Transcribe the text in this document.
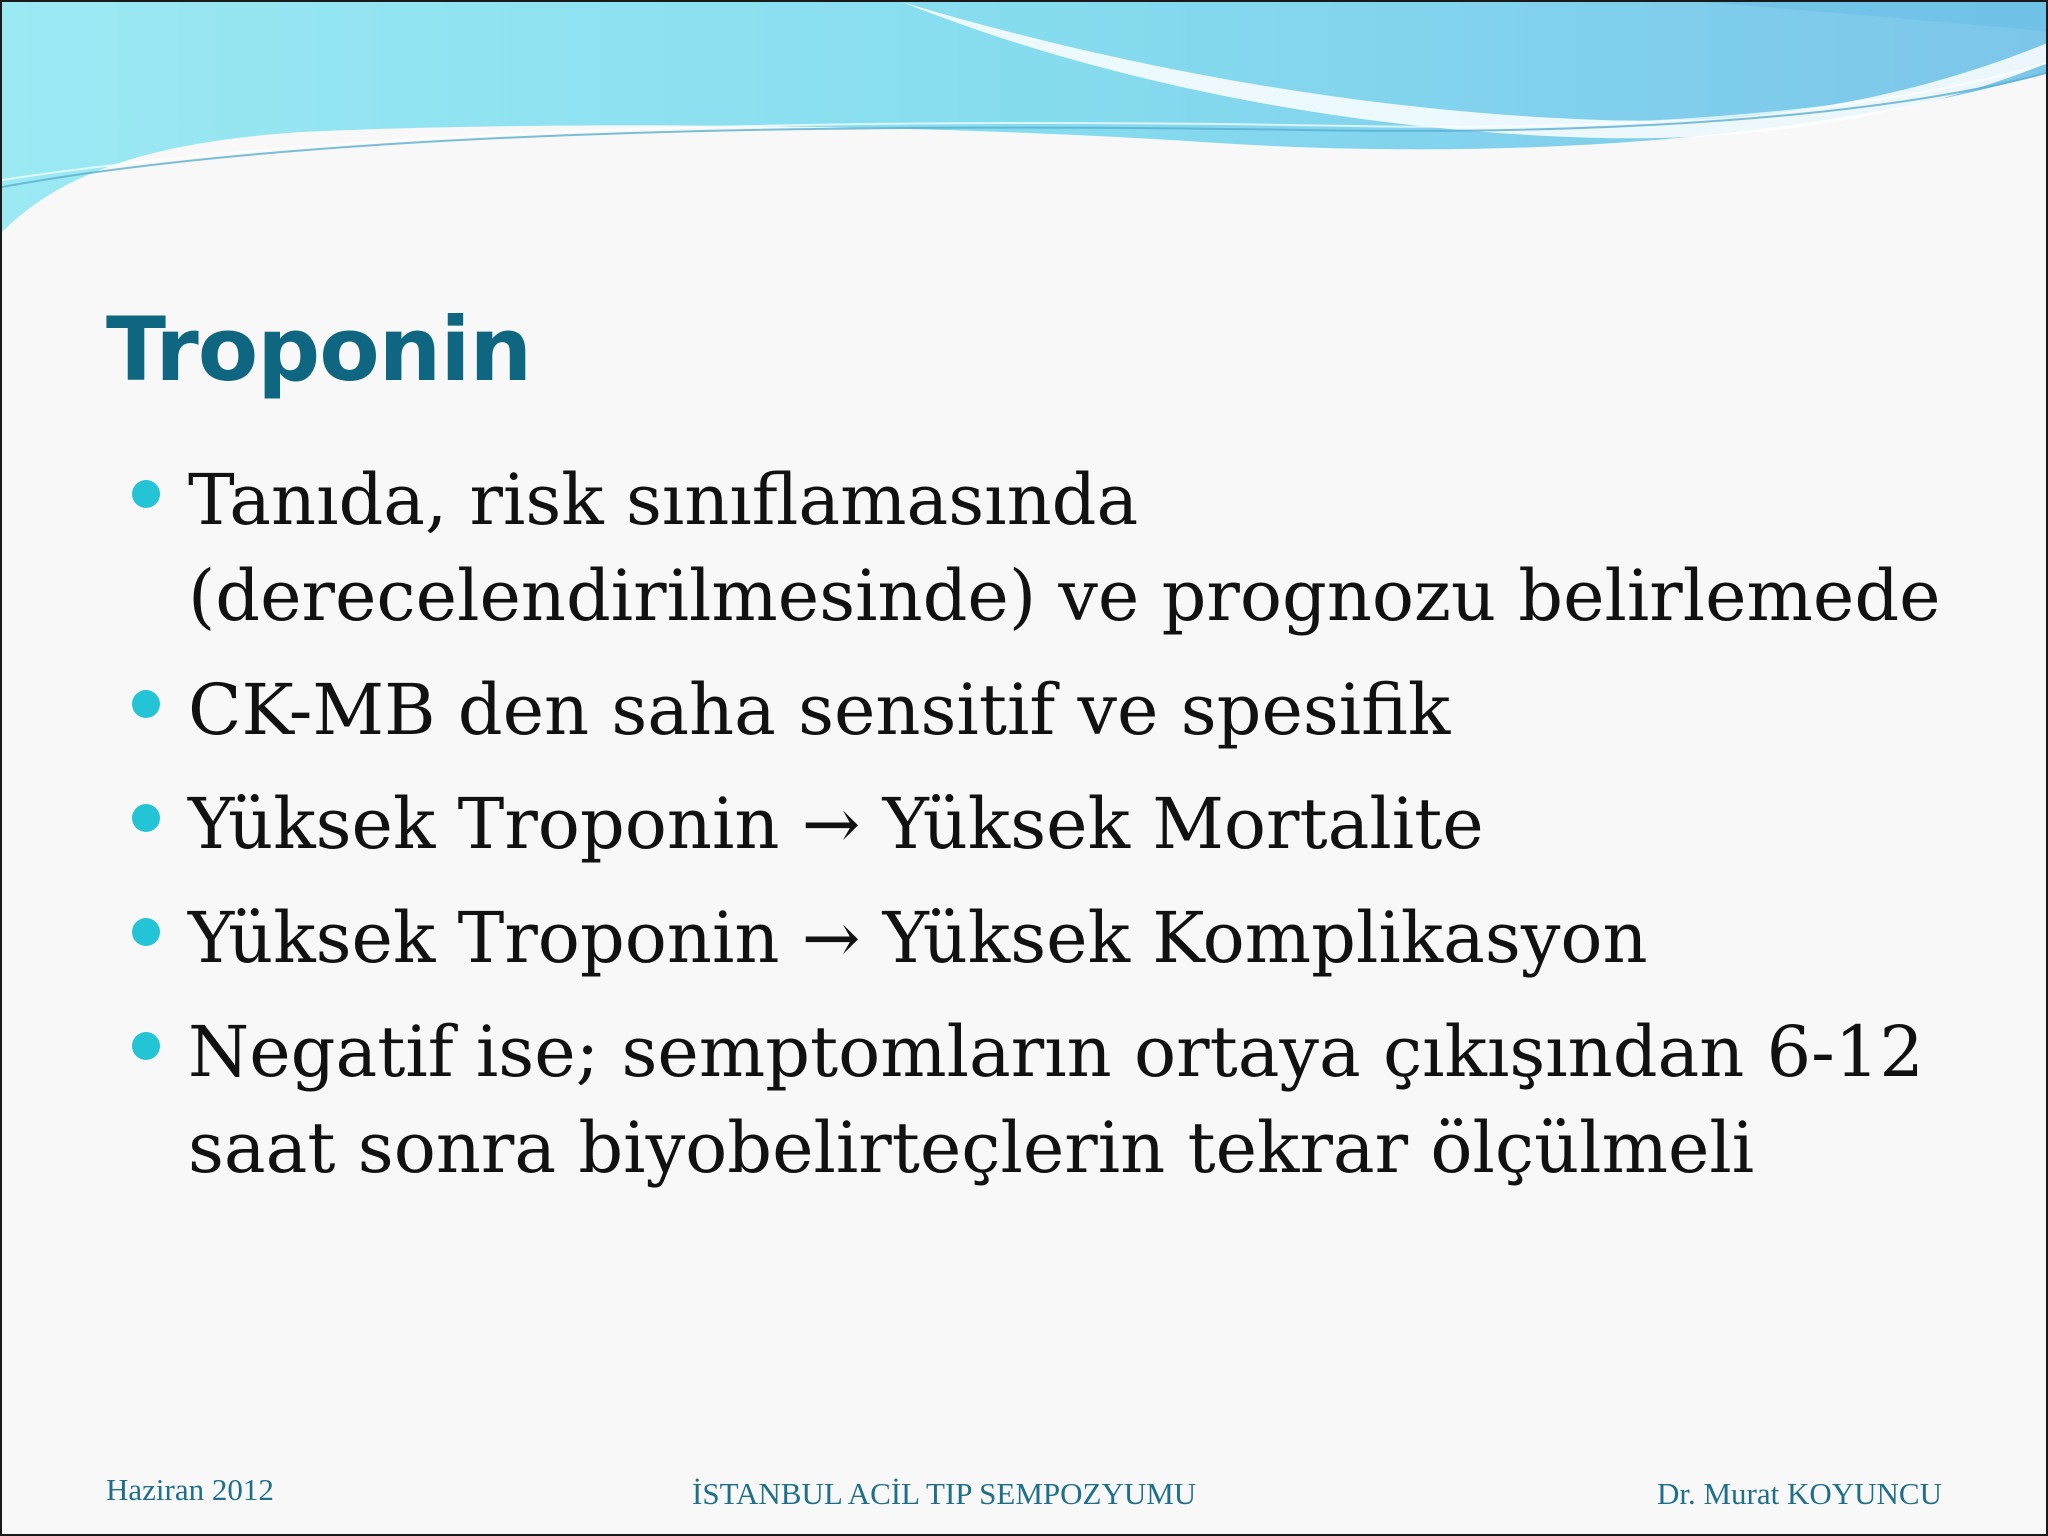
Troponin
Tanıda, risk sınıflamasında (derecelendirilmesinde) ve prognozu belirlemede
CK-MB den saha sensitif ve spesifik
Yüksek Troponin → Yüksek Mortalite
Yüksek Troponin → Yüksek Komplikasyon
Negatif ise; semptomların ortaya çıkışından 6-12 saat sonra biyobelirteçlerin tekrar ölçülmeli
Haziran 2012	İSTANBUL ACİL TIP SEMPOZYUMU	Dr. Murat KOYUNCU
